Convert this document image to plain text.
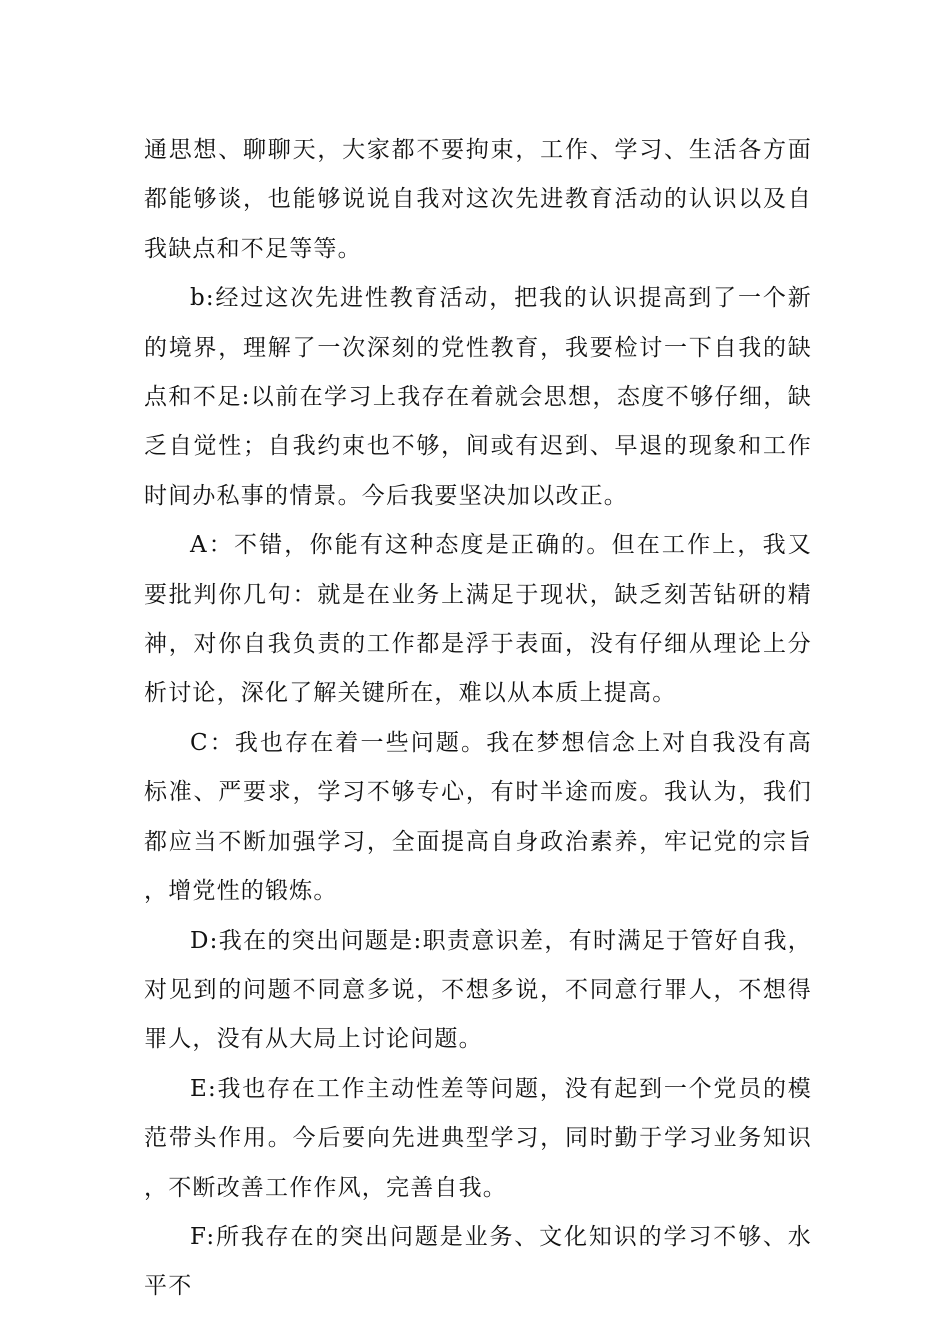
通思想、聊聊天，大家都不要拘束，工作、学习、生活各方面都能够谈，也能够说说自我对这次先进教育活动的认识以及自我缺点和不足等等。

b:经过这次先进性教育活动，把我的认识提高到了一个新的境界，理解了一次深刻的党性教育，我要检讨一下自我的缺点和不足:以前在学习上我存在着就会思想，态度不够仔细，缺乏自觉性；自我约束也不够，间或有迟到、早退的现象和工作时间办私事的情景。今后我要坚决加以改正。

A：不错，你能有这种态度是正确的。但在工作上，我又要批判你几句：就是在业务上满足于现状，缺乏刻苦钻研的精神，对你自我负责的工作都是浮于表面，没有仔细从理论上分析讨论，深化了解关键所在，难以从本质上提高。

C：我也存在着一些问题。我在梦想信念上对自我没有高标准、严要求，学习不够专心，有时半途而废。我认为，我们都应当不断加强学习，全面提高自身政治素养，牢记党的宗旨，增党性的锻炼。

D:我在的突出问题是:职责意识差，有时满足于管好自我，对见到的问题不同意多说，不想多说，不同意行罪人，不想得罪人，没有从大局上讨论问题。

E:我也存在工作主动性差等问题，没有起到一个党员的模范带头作用。今后要向先进典型学习，同时勤于学习业务知识，不断改善工作作风，完善自我。

F:所我存在的突出问题是业务、文化知识的学习不够、水平不
